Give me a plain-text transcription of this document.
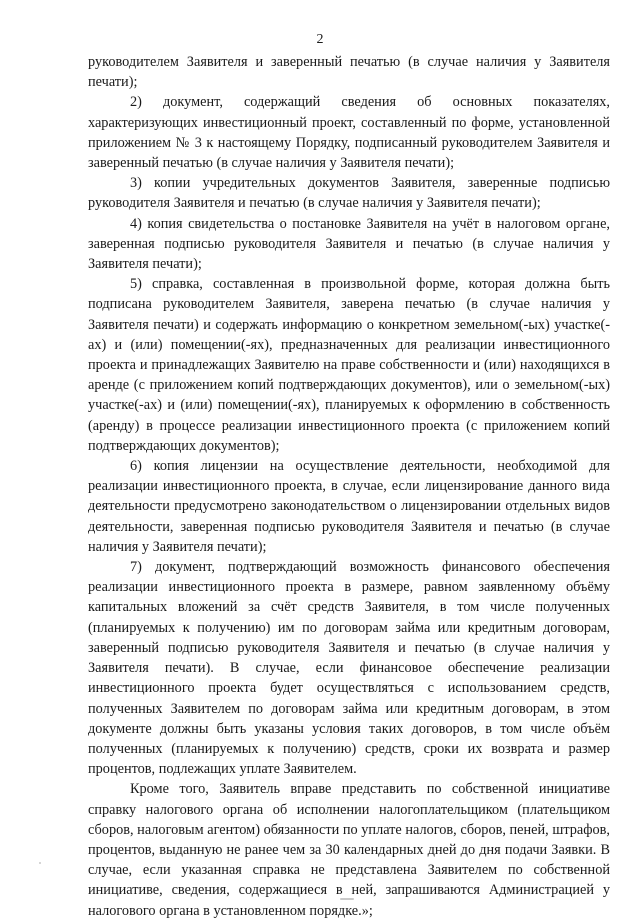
2

руководителем Заявителя и заверенный печатью (в случае наличия у Заявителя печати);

2) документ, содержащий сведения об основных показателях, характеризующих инвестиционный проект, составленный по форме, установленной приложением № 3 к настоящему Порядку, подписанный руководителем Заявителя и заверенный печатью (в случае наличия у Заявителя печати);

3) копии учредительных документов Заявителя, заверенные подписью руководителя Заявителя и печатью (в случае наличия у Заявителя печати);

4) копия свидетельства о постановке Заявителя на учёт в налоговом органе, заверенная подписью руководителя Заявителя и печатью (в случае наличия у Заявителя печати);

5) справка, составленная в произвольной форме, которая должна быть подписана руководителем Заявителя, заверена печатью (в случае наличия у Заявителя печати) и содержать информацию о конкретном земельном(-ых) участке(-ах) и (или) помещении(-ях), предназначенных для реализации инвестиционного проекта и принадлежащих Заявителю на праве собственности и (или) находящихся в аренде (с приложением копий подтверждающих документов), или о земельном(-ых) участке(-ах) и (или) помещении(-ях), планируемых к оформлению в собственность (аренду) в процессе реализации инвестиционного проекта (с приложением копий подтверждающих документов);

6) копия лицензии на осуществление деятельности, необходимой для реализации инвестиционного проекта, в случае, если лицензирование данного вида деятельности предусмотрено законодательством о лицензировании отдельных видов деятельности, заверенная подписью руководителя Заявителя и печатью (в случае наличия у Заявителя печати);

7) документ, подтверждающий возможность финансового обеспечения реализации инвестиционного проекта в размере, равном заявленному объёму капитальных вложений за счёт средств Заявителя, в том числе полученных (планируемых к получению) им по договорам займа или кредитным договорам, заверенный подписью руководителя Заявителя и печатью (в случае наличия у Заявителя печати). В случае, если финансовое обеспечение реализации инвестиционного проекта будет осуществляться с использованием средств, полученных Заявителем по договорам займа или кредитным договорам, в этом документе должны быть указаны условия таких договоров, в том числе объём полученных (планируемых к получению) средств, сроки их возврата и размер процентов, подлежащих уплате Заявителем.

Кроме того, Заявитель вправе представить по собственной инициативе справку налогового органа об исполнении налогоплательщиком (плательщиком сборов, налоговым агентом) обязанности по уплате налогов, сборов, пеней, штрафов, процентов, выданную не ранее чем за 30 календарных дней до дня подачи Заявки. В случае, если указанная справка не представлена Заявителем по собственной инициативе, сведения, содержащиеся в ней, запрашиваются Администрацией у налогового органа в установленном порядке.»;
